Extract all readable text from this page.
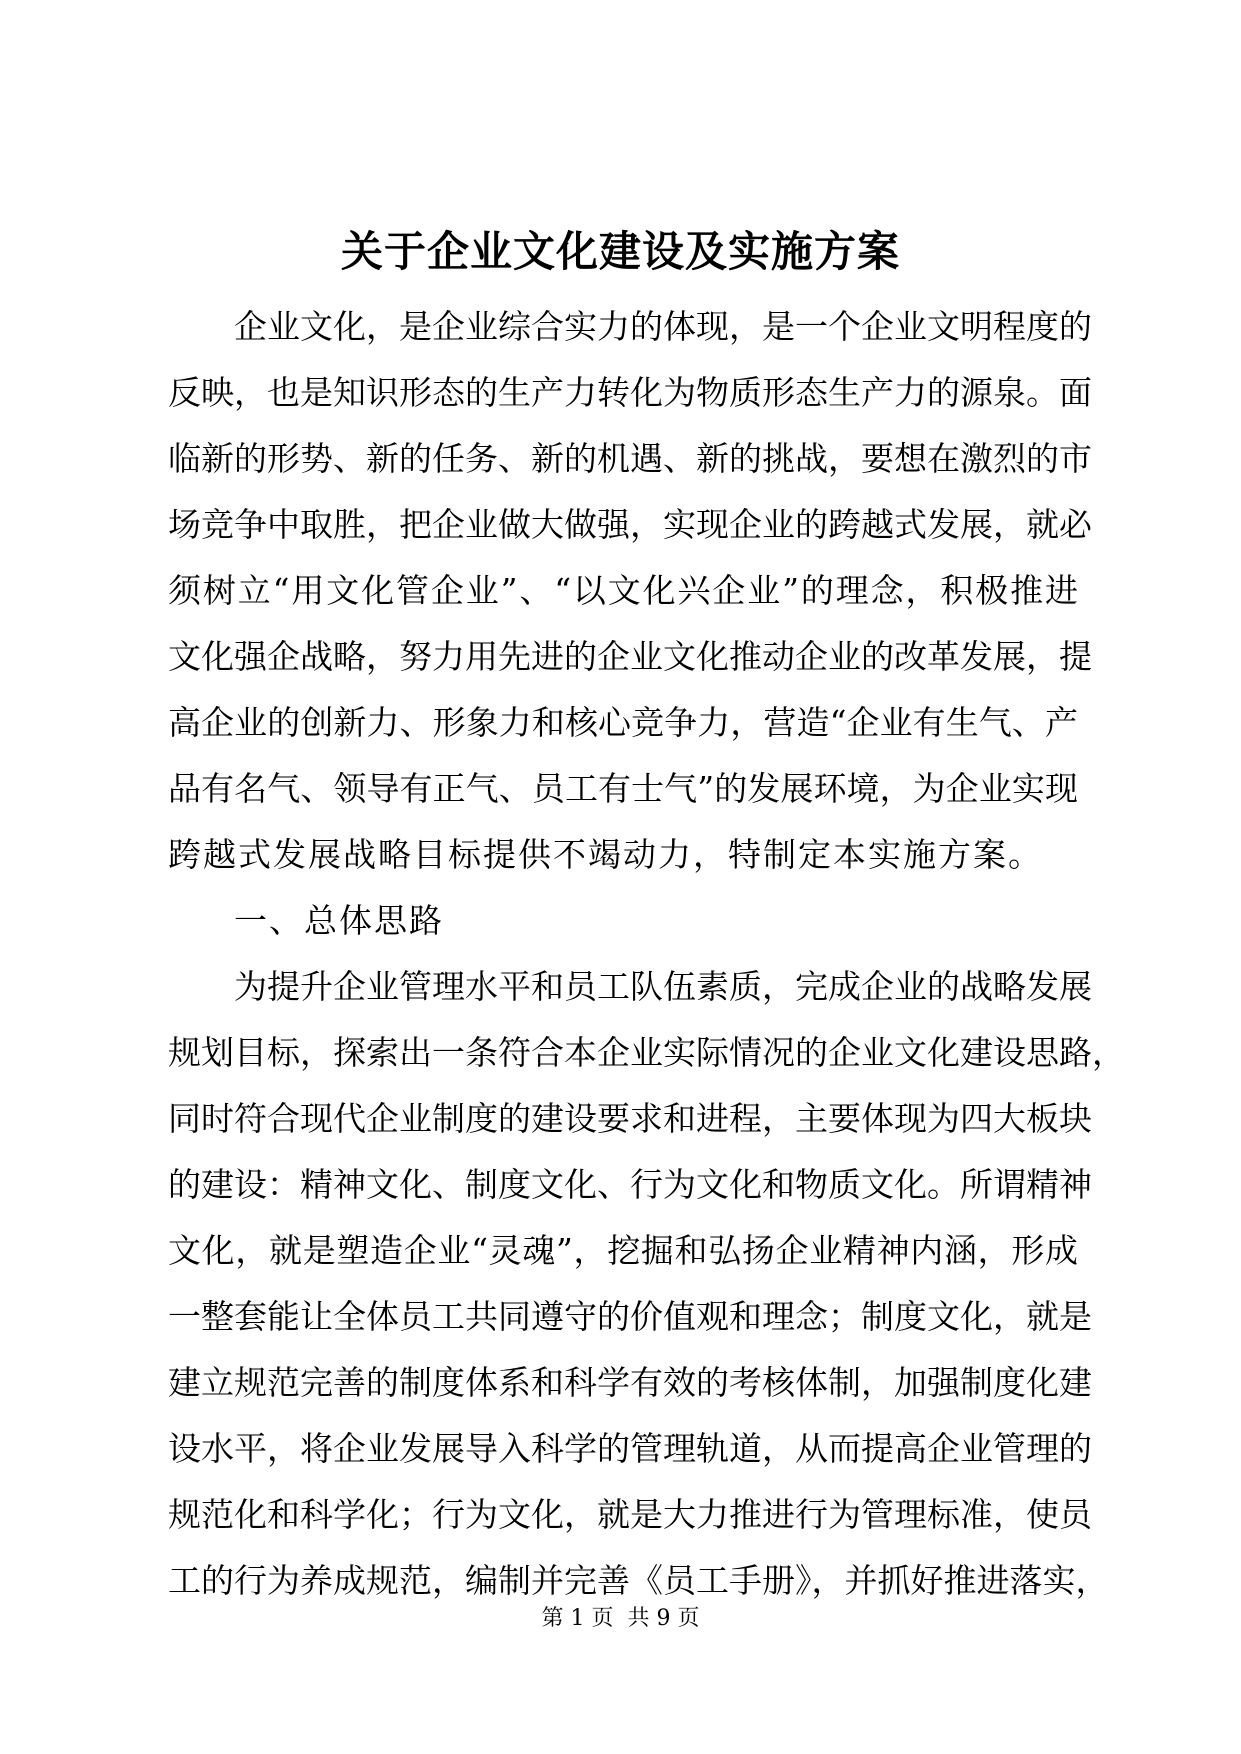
关于企业文化建设及实施方案
企业文化，是企业综合实力的体现，是一个企业文明程度的
反映，也是知识形态的生产力转化为物质形态生产力的源泉。面
临新的形势、新的任务、新的机遇、新的挑战，要想在激烈的市
场竞争中取胜，把企业做大做强，实现企业的跨越式发展，就必
须树立“用文化管企业”、“以文化兴企业”的理念，积极推进
文化强企战略，努力用先进的企业文化推动企业的改革发展，提
高企业的创新力、形象力和核心竞争力，营造“企业有生气、产
品有名气、领导有正气、员工有士气”的发展环境，为企业实现
跨越式发展战略目标提供不竭动力，特制定本实施方案。
一、总体思路
为提升企业管理水平和员工队伍素质，完成企业的战略发展
规划目标，探索出一条符合本企业实际情况的企业文化建设思路，
同时符合现代企业制度的建设要求和进程，主要体现为四大板块
的建设：精神文化、制度文化、行为文化和物质文化。所谓精神
文化，就是塑造企业“灵魂”，挖掘和弘扬企业精神内涵，形成
一整套能让全体员工共同遵守的价值观和理念；制度文化，就是
建立规范完善的制度体系和科学有效的考核体制，加强制度化建
设水平，将企业发展导入科学的管理轨道，从而提高企业管理的
规范化和科学化；行为文化，就是大力推进行为管理标准，使员
工的行为养成规范，编制并完善《员工手册》，并抓好推进落实，
第 1 页 共 9 页
